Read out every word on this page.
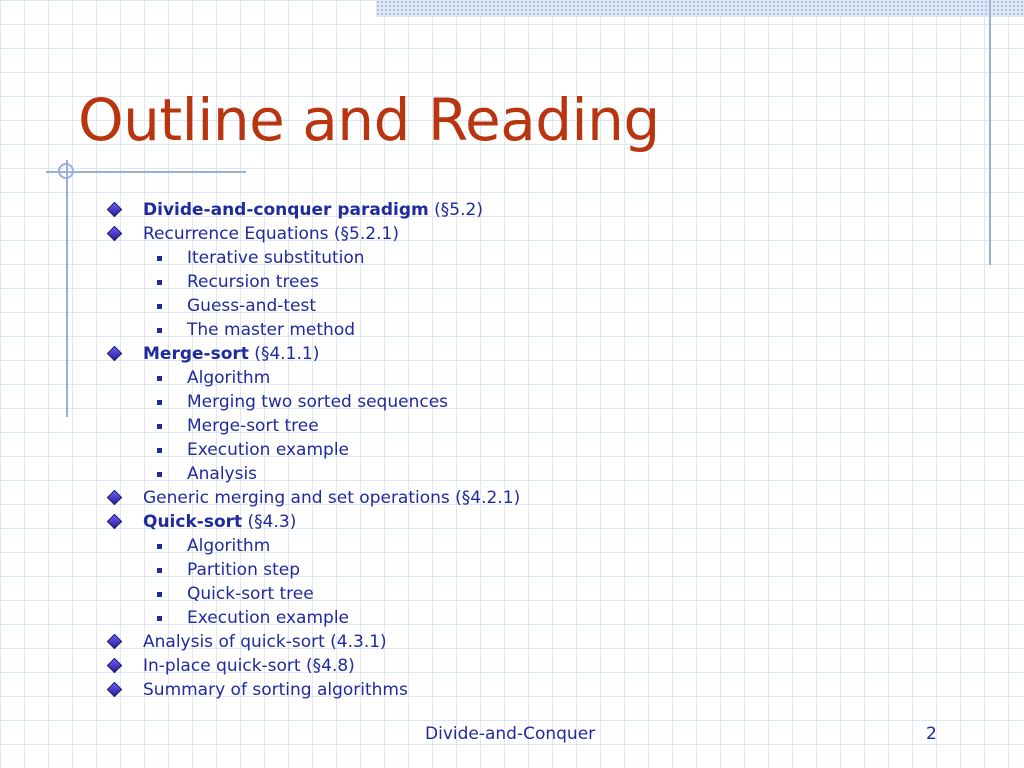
Outline and Reading
Divide-and-conquer paradigm (§5.2)
Recurrence Equations (§5.2.1)
Iterative substitution
Recursion trees
Guess-and-test
The master method
Merge-sort (§4.1.1)
Algorithm
Merging two sorted sequences
Merge-sort tree
Execution example
Analysis
Generic merging and set operations (§4.2.1)
Quick-sort (§4.3)
Algorithm
Partition step
Quick-sort tree
Execution example
Analysis of quick-sort (4.3.1)
In-place quick-sort (§4.8)
Summary of sorting algorithms
Divide-and-Conquer	2
